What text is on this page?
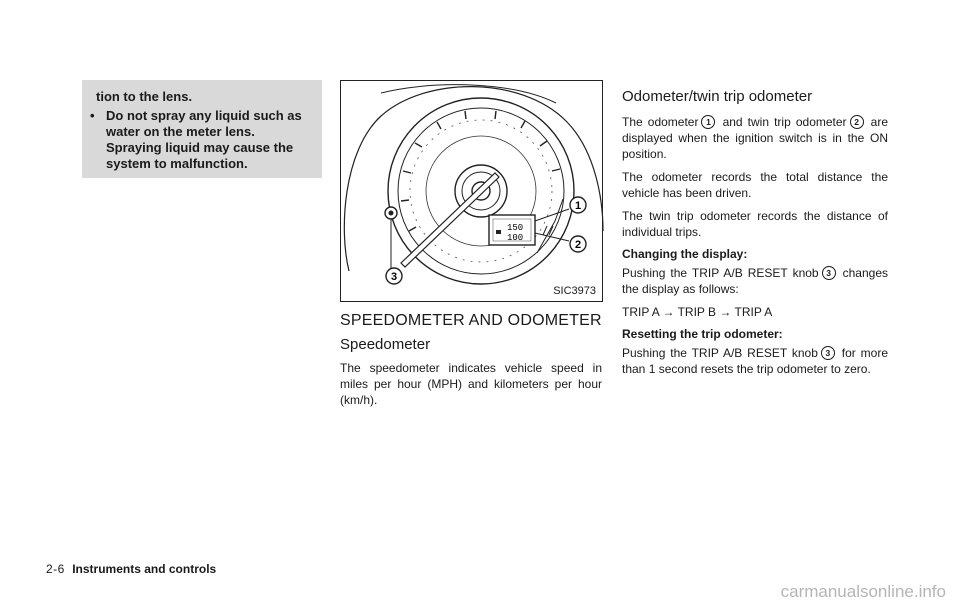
tion to the lens.
• Do not spray any liquid such as water on the meter lens. Spraying liquid may cause the system to malfunction.
150
100
1
2
3
SIC3973
SPEEDOMETER AND ODOMETER
Speedometer
The speedometer indicates vehicle speed in miles per hour (MPH) and kilometers per hour (km/h).
Odometer/twin trip odometer

The odometer 1 and twin trip odometer 2 are displayed when the ignition switch is in the ON position.

The odometer records the total distance the vehicle has been driven.

The twin trip odometer records the distance of individual trips.

Changing the display:

Pushing the TRIP A/B RESET knob 3 changes the display as follows:

TRIP A → TRIP B → TRIP A

Resetting the trip odometer:

Pushing the TRIP A/B RESET knob 3 for more than 1 second resets the trip odometer to zero.

2-6 Instruments and controls
carmanualsonline.info
